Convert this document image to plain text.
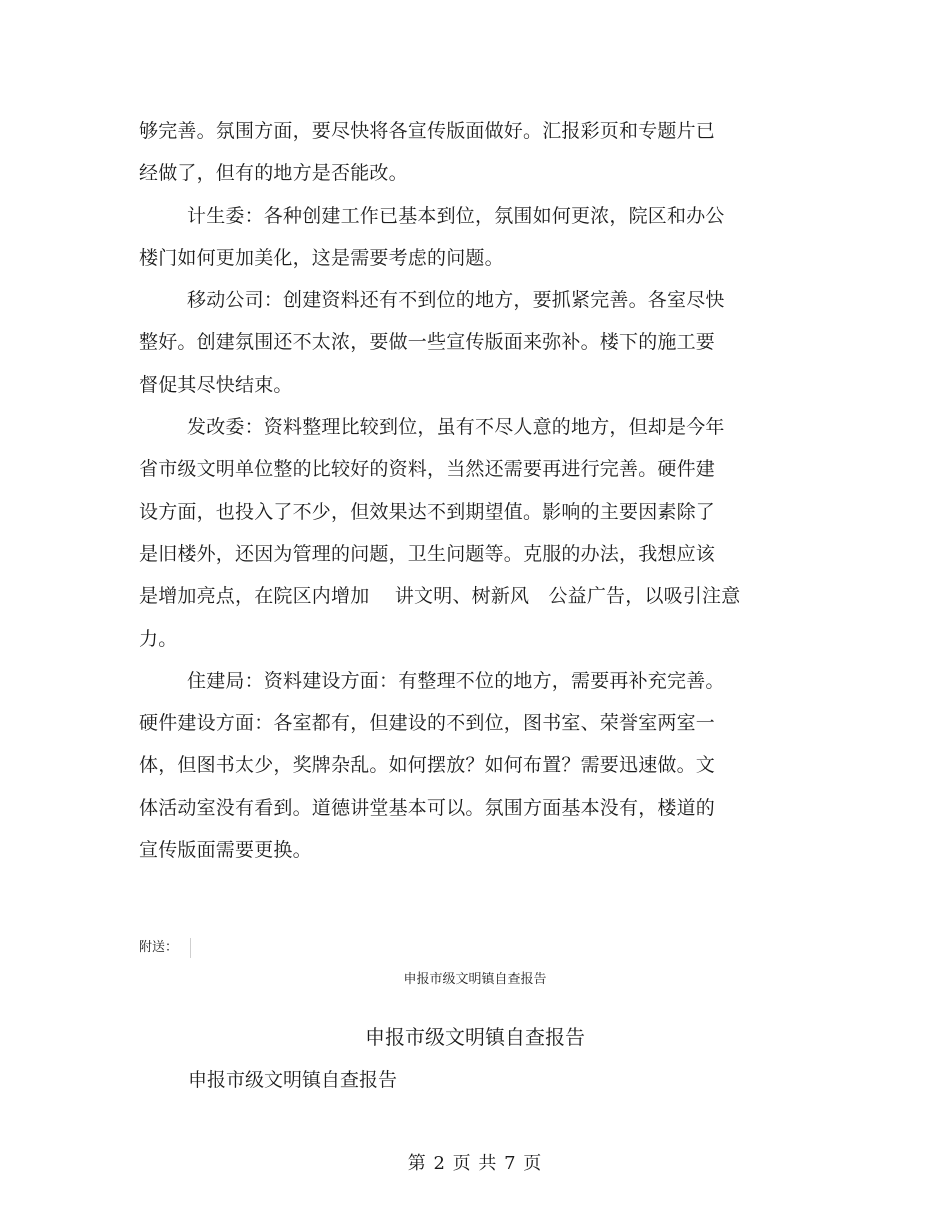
够完善。氛围方面，要尽快将各宣传版面做好。汇报彩页和专题片已
经做了，但有的地方是否能改。
计生委：各种创建工作已基本到位，氛围如何更浓，院区和办公
楼门如何更加美化，这是需要考虑的问题。
移动公司：创建资料还有不到位的地方，要抓紧完善。各室尽快
整好。创建氛围还不太浓，要做一些宣传版面来弥补。楼下的施工要
督促其尽快结束。
发改委：资料整理比较到位，虽有不尽人意的地方，但却是今年
省市级文明单位整的比较好的资料，当然还需要再进行完善。硬件建
设方面，也投入了不少，但效果达不到期望值。影响的主要因素除了
是旧楼外，还因为管理的问题，卫生问题等。克服的办法，我想应该
是增加亮点，在院区内增加　 讲文明、树新风　公益广告，以吸引注意
力。
住建局：资料建设方面：有整理不位的地方，需要再补充完善。
硬件建设方面：各室都有，但建设的不到位，图书室、荣誉室两室一
体，但图书太少，奖牌杂乱。如何摆放？如何布置？需要迅速做。文
体活动室没有看到。道德讲堂基本可以。氛围方面基本没有，楼道的
宣传版面需要更换。
附送：
申报市级文明镇自查报告
申报市级文明镇自查报告
申报市级文明镇自查报告
第 2 页 共 7 页
